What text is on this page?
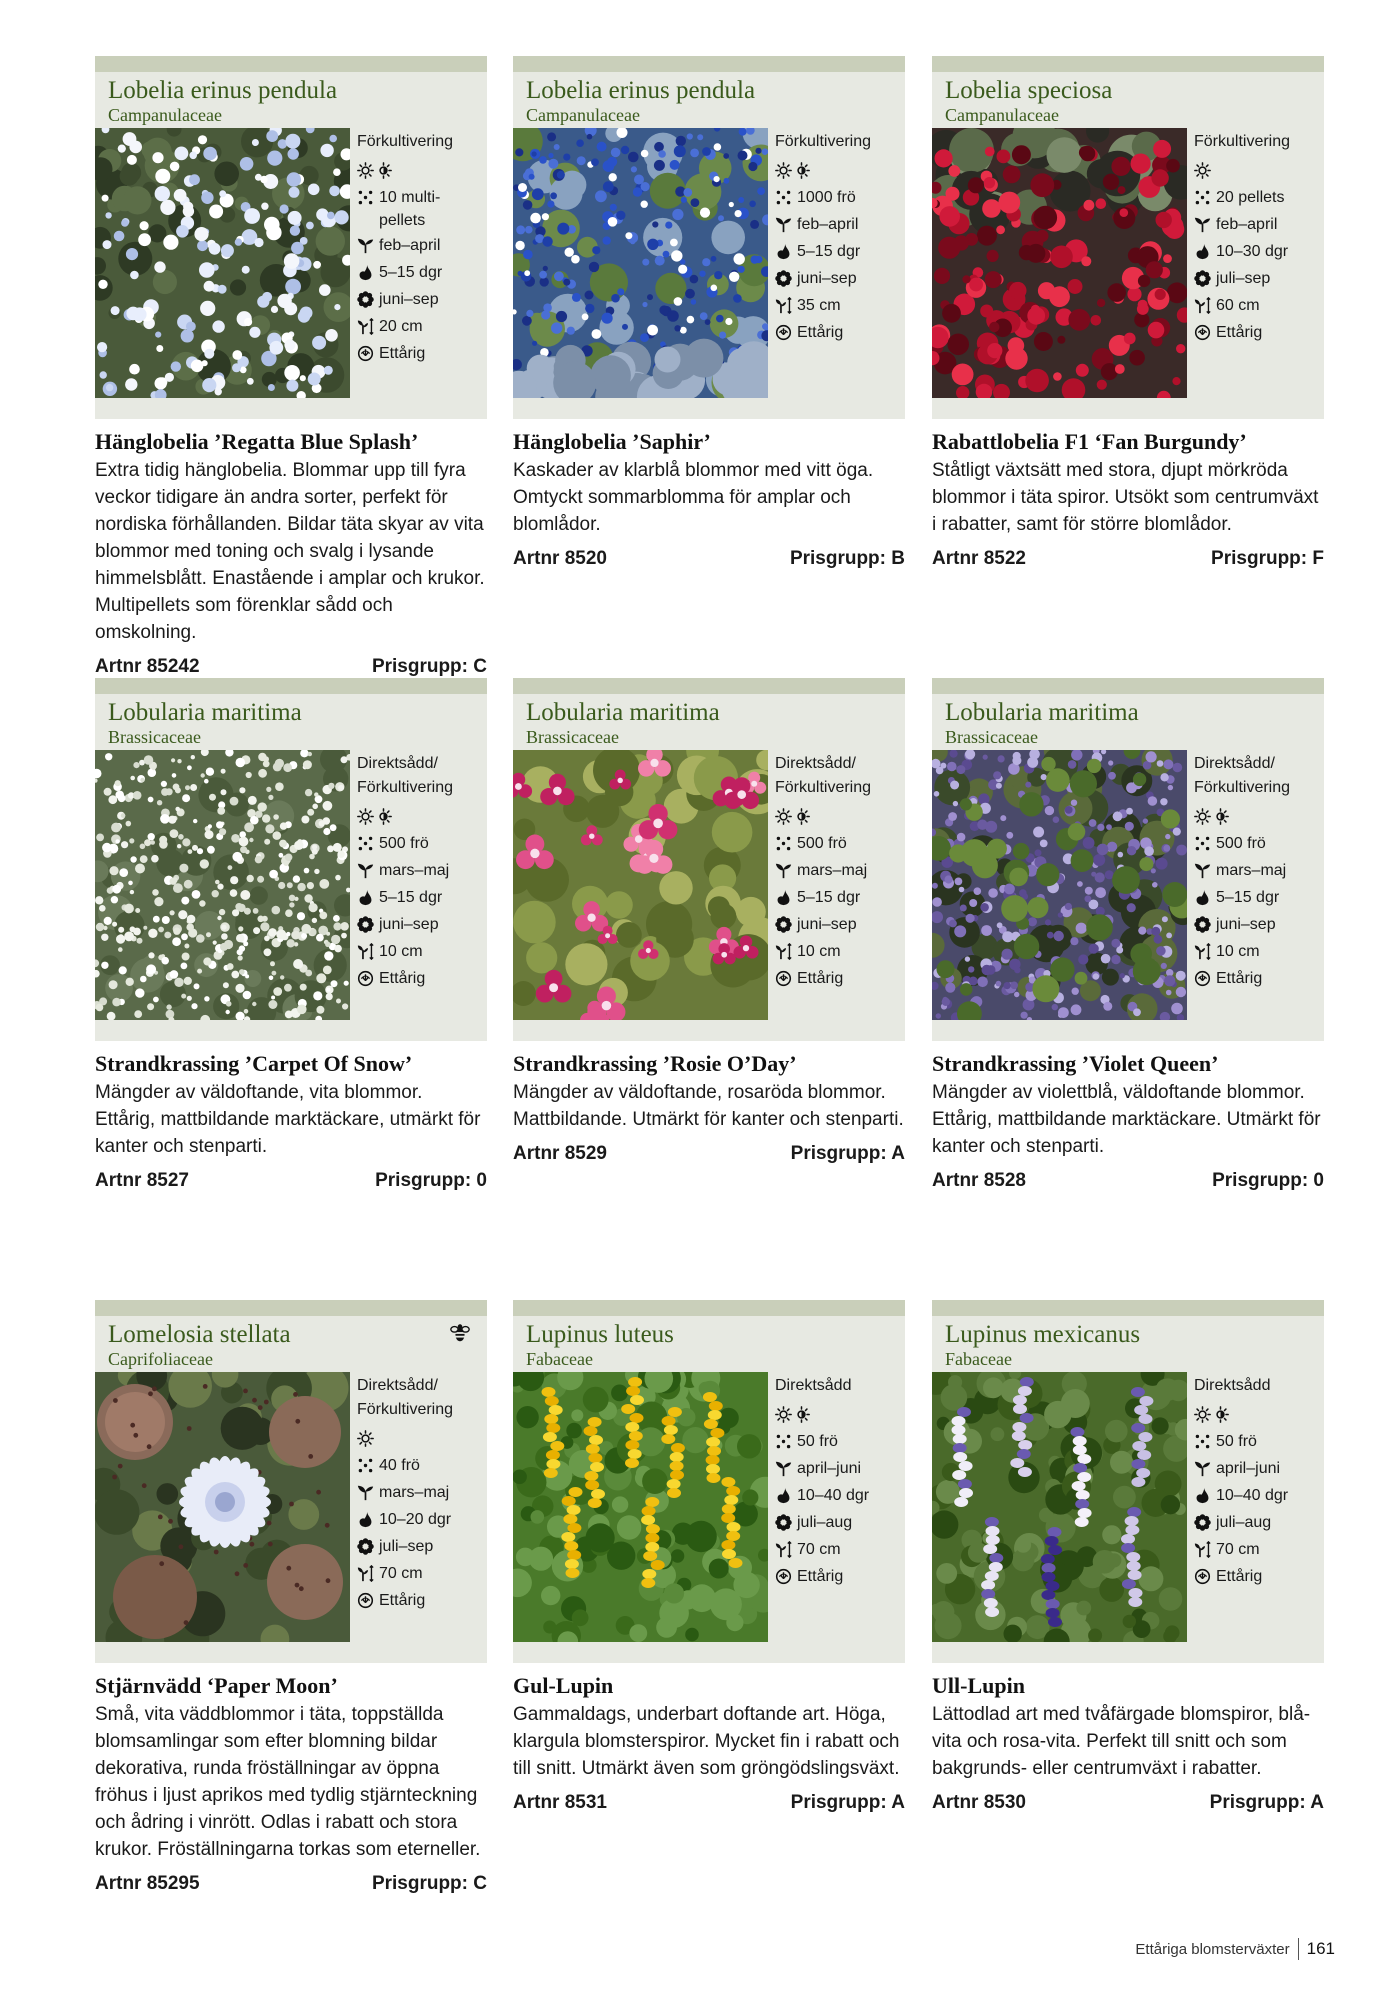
Lobelia erinus pendula
Campanulaceae
Förkultivering
10 multi-pellets
feb–april
5–15 dgr
juni–sep
20 cm
Ettårig
Hänglobelia ’Regatta Blue Splash’
Extra tidig hänglobelia. Blommar upp till fyra veckor tidigare än andra sorter, perfekt för nordiska förhållanden. Bildar täta skyar av vita blommor med toning och svalg i lysande himmelsblått. Enastående i amplar och krukor. Multipellets som förenklar sådd och omskolning.
Artnr 85242	Prisgrupp: C
Lobelia erinus pendula
Campanulaceae
Förkultivering
1000 frö
feb–april
5–15 dgr
juni–sep
35 cm
Ettårig
Hänglobelia ’Saphir’
Kaskader av klarblå blommor med vitt öga. Omtyckt sommarblomma för amplar och blomlådor.
Artnr 8520	Prisgrupp: B
Lobelia speciosa
Campanulaceae
Förkultivering
20 pellets
feb–april
10–30 dgr
juli–sep
60 cm
Ettårig
Rabattlobelia F1 ‘Fan Burgundy’
Ståtligt växtsätt med stora, djupt mörkröda blommor i täta spiror. Utsökt som centrumväxt i rabatter, samt för större blomlådor.
Artnr 8522	Prisgrupp: F
Lobularia maritima
Brassicaceae
Direktsådd/ Förkultivering
500 frö
mars–maj
5–15 dgr
juni–sep
10 cm
Ettårig
Strandkrassing ’Carpet Of Snow’
Mängder av väldoftande, vita blommor. Ettårig, mattbildande marktäckare, utmärkt för kanter och stenparti.
Artnr 8527	Prisgrupp: 0
Lobularia maritima
Brassicaceae
Direktsådd/ Förkultivering
500 frö
mars–maj
5–15 dgr
juni–sep
10 cm
Ettårig
Strandkrassing ’Rosie O’Day’
Mängder av väldoftande, rosaröda blommor. Mattbildande. Utmärkt för kanter och stenparti.
Artnr 8529	Prisgrupp: A
Lobularia maritima
Brassicaceae
Direktsådd/ Förkultivering
500 frö
mars–maj
5–15 dgr
juni–sep
10 cm
Ettårig
Strandkrassing ’Violet Queen’
Mängder av violettblå, väldoftande blommor. Ettårig, mattbildande marktäckare. Utmärkt för kanter och stenparti.
Artnr 8528	Prisgrupp: 0
Lomelosia stellata
Caprifoliaceae
Direktsådd/ Förkultivering
40 frö
mars–maj
10–20 dgr
juli–sep
70 cm
Ettårig
Stjärnvädd ‘Paper Moon’
Små, vita väddblommor i täta, toppställda blomsamlingar som efter blomning bildar dekorativa, runda fröställningar av öppna fröhus i ljust aprikos med tydlig stjärnteckning och ådring i vinrött. Odlas i rabatt och stora krukor. Fröställningarna torkas som eterneller.
Artnr 85295	Prisgrupp: C
Lupinus luteus
Fabaceae
Direktsådd
50 frö
april–juni
10–40 dgr
juli–aug
70 cm
Ettårig
Gul-Lupin
Gammaldags, underbart doftande art. Höga, klargula blomsterspiror. Mycket fin i rabatt och till snitt. Utmärkt även som gröngödslingsväxt.
Artnr 8531	Prisgrupp: A
Lupinus mexicanus
Fabaceae
Direktsådd
50 frö
april–juni
10–40 dgr
juli–aug
70 cm
Ettårig
Ull-Lupin
Lättodlad art med tvåfärgade blomspiror, blå-vita och rosa-vita. Perfekt till snitt och som bakgrunds- eller centrumväxt i rabatter.
Artnr 8530	Prisgrupp: A
Ettåriga blomsterväxter 161
